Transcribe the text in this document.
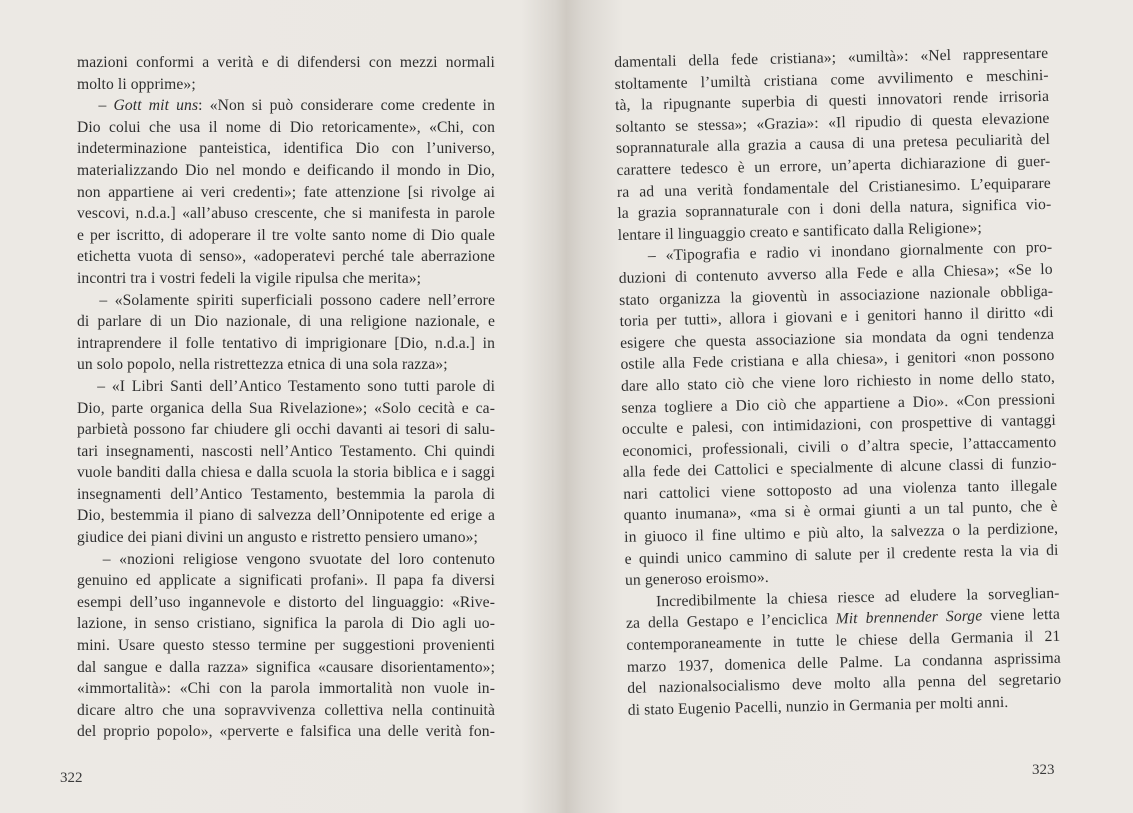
mazioni conformi a verità e di difendersi con mezzi normali
molto li opprime»;
– Gott mit uns: «Non si può considerare come credente in
Dio colui che usa il nome di Dio retoricamente», «Chi, con
indeterminazione panteistica, identifica Dio con l’universo,
materializzando Dio nel mondo e deificando il mondo in Dio,
non appartiene ai veri credenti»; fate attenzione [si rivolge ai
vescovi, n.d.a.] «all’abuso crescente, che si manifesta in parole
e per iscritto, di adoperare il tre volte santo nome di Dio quale
etichetta vuota di senso», «adoperatevi perché tale aberrazione
incontri tra i vostri fedeli la vigile ripulsa che merita»;
– «Solamente spiriti superficiali possono cadere nell’errore
di parlare di un Dio nazionale, di una religione nazionale, e
intraprendere il folle tentativo di imprigionare [Dio, n.d.a.] in
un solo popolo, nella ristrettezza etnica di una sola razza»;
– «I Libri Santi dell’Antico Testamento sono tutti parole di
Dio, parte organica della Sua Rivelazione»; «Solo cecità e ca-
parbietà possono far chiudere gli occhi davanti ai tesori di salu-
tari insegnamenti, nascosti nell’Antico Testamento. Chi quindi
vuole banditi dalla chiesa e dalla scuola la storia biblica e i saggi
insegnamenti dell’Antico Testamento, bestemmia la parola di
Dio, bestemmia il piano di salvezza dell’Onnipotente ed erige a
giudice dei piani divini un angusto e ristretto pensiero umano»;
– «nozioni religiose vengono svuotate del loro contenuto
genuino ed applicate a significati profani». Il papa fa diversi
esempi dell’uso ingannevole e distorto del linguaggio: «Rive-
lazione, in senso cristiano, significa la parola di Dio agli uo-
mini. Usare questo stesso termine per suggestioni provenienti
dal sangue e dalla razza» significa «causare disorientamento»;
«immortalità»: «Chi con la parola immortalità non vuole in-
dicare altro che una sopravvivenza collettiva nella continuità
del proprio popolo», «perverte e falsifica una delle verità fon-
322
damentali della fede cristiana»; «umiltà»: «Nel rappresentare
stoltamente l’umiltà cristiana come avvilimento e meschini-
tà, la ripugnante superbia di questi innovatori rende irrisoria
soltanto se stessa»; «Grazia»: «Il ripudio di questa elevazione
soprannaturale alla grazia a causa di una pretesa peculiarità del
carattere tedesco è un errore, un’aperta dichiarazione di guer-
ra ad una verità fondamentale del Cristianesimo. L’equiparare
la grazia soprannaturale con i doni della natura, significa vio-
lentare il linguaggio creato e santificato dalla Religione»;
– «Tipografia e radio vi inondano giornalmente con pro-
duzioni di contenuto avverso alla Fede e alla Chiesa»; «Se lo
stato organizza la gioventù in associazione nazionale obbliga-
toria per tutti», allora i giovani e i genitori hanno il diritto «di
esigere che questa associazione sia mondata da ogni tendenza
ostile alla Fede cristiana e alla chiesa», i genitori «non possono
dare allo stato ciò che viene loro richiesto in nome dello stato,
senza togliere a Dio ciò che appartiene a Dio». «Con pressioni
occulte e palesi, con intimidazioni, con prospettive di vantaggi
economici, professionali, civili o d’altra specie, l’attaccamento
alla fede dei Cattolici e specialmente di alcune classi di funzio-
nari cattolici viene sottoposto ad una violenza tanto illegale
quanto inumana», «ma si è ormai giunti a un tal punto, che è
in giuoco il fine ultimo e più alto, la salvezza o la perdizione,
e quindi unico cammino di salute per il credente resta la via di
un generoso eroismo».
Incredibilmente la chiesa riesce ad eludere la sorveglian-
za della Gestapo e l’enciclica Mit brennender Sorge viene letta
contemporaneamente in tutte le chiese della Germania il 21
marzo 1937, domenica delle Palme. La condanna asprissima
del nazionalsocialismo deve molto alla penna del segretario
di stato Eugenio Pacelli, nunzio in Germania per molti anni.
323
